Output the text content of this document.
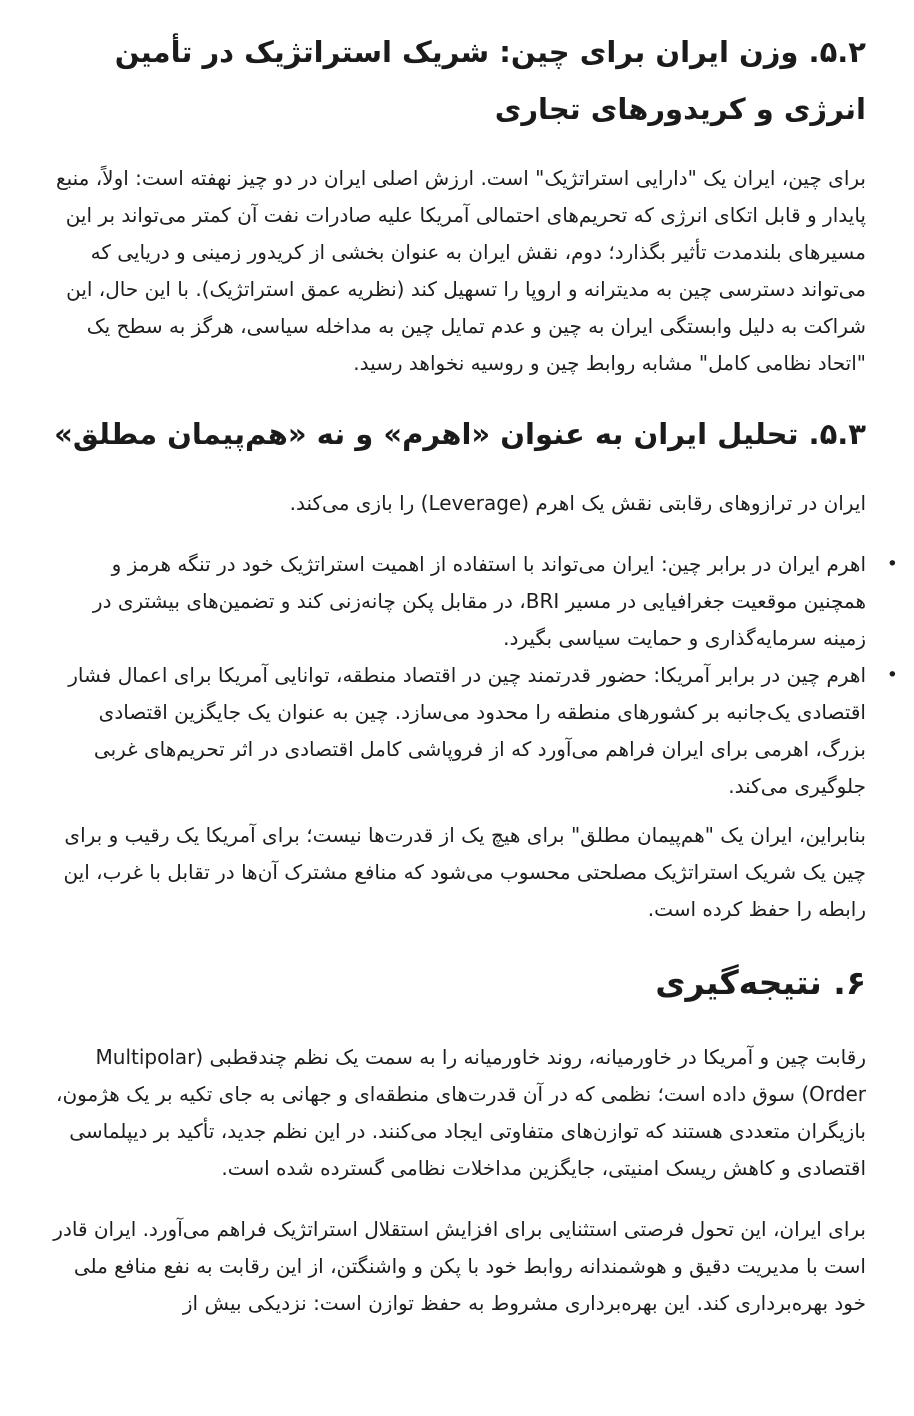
۵.۲. وزن ایران برای چین: شریک استراتژیک در تأمین انرژی و کریدورهای تجاری

برای چین، ایران یک "دارایی استراتژیک" است. ارزش اصلی ایران در دو چیز نهفته است: اولاً، منبع پایدار و قابل اتکای انرژی که تحریم‌های احتمالی آمریکا علیه صادرات نفت آن کمتر می‌تواند بر این مسیرهای بلندمدت تأثیر بگذارد؛ دوم، نقش ایران به عنوان بخشی از کریدور زمینی و دریایی که می‌تواند دسترسی چین به مدیترانه و اروپا را تسهیل کند (نظریه عمق استراتژیک). با این حال، این شراکت به دلیل وابستگی ایران به چین و عدم تمایل چین به مداخله سیاسی، هرگز به سطح یک "اتحاد نظامی کامل" مشابه روابط چین و روسیه نخواهد رسید.

۵.۳. تحلیل ایران به عنوان «اهرم» و نه «هم‌پیمان مطلق»

ایران در ترازوهای رقابتی نقش یک اهرم (Leverage) را بازی می‌کند.

•
اهرم ایران در برابر چین: ایران می‌تواند با استفاده از اهمیت استراتژیک خود در تنگه هرمز و همچنین موقعیت جغرافیایی در مسیر BRI، در مقابل پکن چانه‌زنی کند و تضمین‌های بیشتری در زمینه سرمایه‌گذاری و حمایت سیاسی بگیرد.
•
اهرم چین در برابر آمریکا: حضور قدرتمند چین در اقتصاد منطقه، توانایی آمریکا برای اعمال فشار اقتصادی یک‌جانبه بر کشورهای منطقه را محدود می‌سازد. چین به عنوان یک جایگزین اقتصادی بزرگ، اهرمی برای ایران فراهم می‌آورد که از فروپاشی کامل اقتصادی در اثر تحریم‌های غربی جلوگیری می‌کند.

بنابراین، ایران یک "هم‌پیمان مطلق" برای هیچ یک از قدرت‌ها نیست؛ برای آمریکا یک رقیب و برای چین یک شریک استراتژیک مصلحتی محسوب می‌شود که منافع مشترک آن‌ها در تقابل با غرب، این رابطه را حفظ کرده است.

۶. نتیجه‌گیری

رقابت چین و آمریکا در خاورمیانه، روند خاورمیانه را به سمت یک نظم چندقطبی (Multipolar Order) سوق داده است؛ نظمی که در آن قدرت‌های منطقه‌ای و جهانی به جای تکیه بر یک هژمون، بازیگران متعددی هستند که توازن‌های متفاوتی ایجاد می‌کنند. در این نظم جدید، تأکید بر دیپلماسی اقتصادی و کاهش ریسک امنیتی، جایگزین مداخلات نظامی گسترده شده است.

برای ایران، این تحول فرصتی استثنایی برای افزایش استقلال استراتژیک فراهم می‌آورد. ایران قادر است با مدیریت دقیق و هوشمندانه روابط خود با پکن و واشنگتن، از این رقابت به نفع منافع ملی خود بهره‌برداری کند. این بهره‌برداری مشروط به حفظ توازن است: نزدیکی بیش از
